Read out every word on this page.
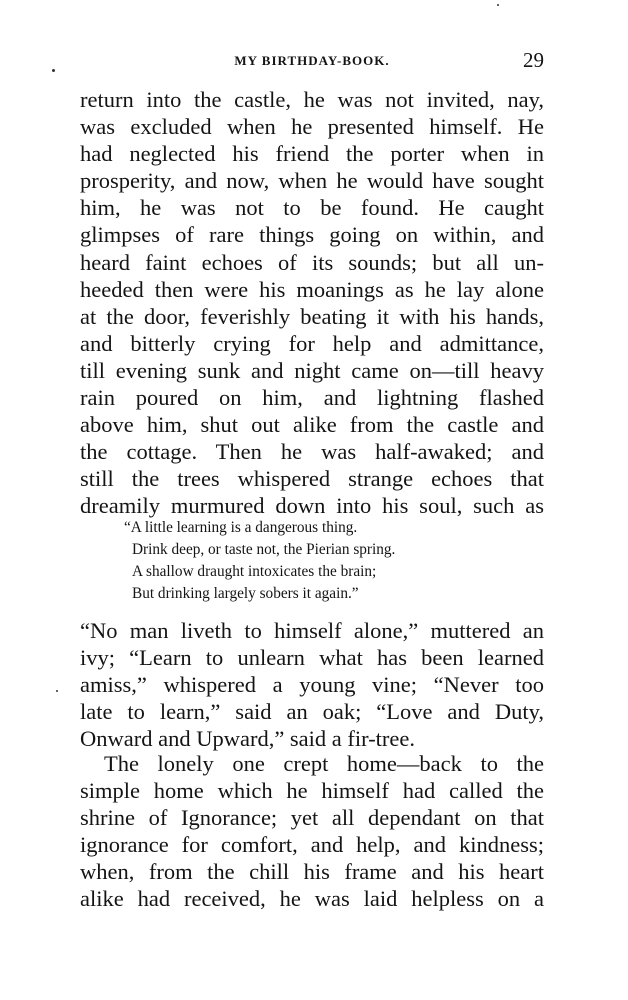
MY BIRTHDAY-BOOK.	29
return into the castle, he was not invited, nay,
was excluded when he presented himself. He
had neglected his friend the porter when in
prosperity, and now, when he would have sought
him, he was not to be found. He caught
glimpses of rare things going on within, and
heard faint echoes of its sounds; but all un-
heeded then were his moanings as he lay alone
at the door, feverishly beating it with his hands,
and bitterly crying for help and admittance,
till evening sunk and night came on—till heavy
rain poured on him, and lightning flashed
above him, shut out alike from the castle and
the cottage. Then he was half-awaked; and
still the trees whispered strange echoes that
dreamily murmured down into his soul, such as
“A little learning is a dangerous thing.
Drink deep, or taste not, the Pierian spring.
A shallow draught intoxicates the brain;
But drinking largely sobers it again.”
“No man liveth to himself alone,” muttered an
ivy; “Learn to unlearn what has been learned
amiss,” whispered a young vine; “Never too
late to learn,” said an oak; “Love and Duty,
Onward and Upward,” said a fir-tree.
The lonely one crept home—back to the
simple home which he himself had called the
shrine of Ignorance; yet all dependant on that
ignorance for comfort, and help, and kindness;
when, from the chill his frame and his heart
alike had received, he was laid helpless on a
